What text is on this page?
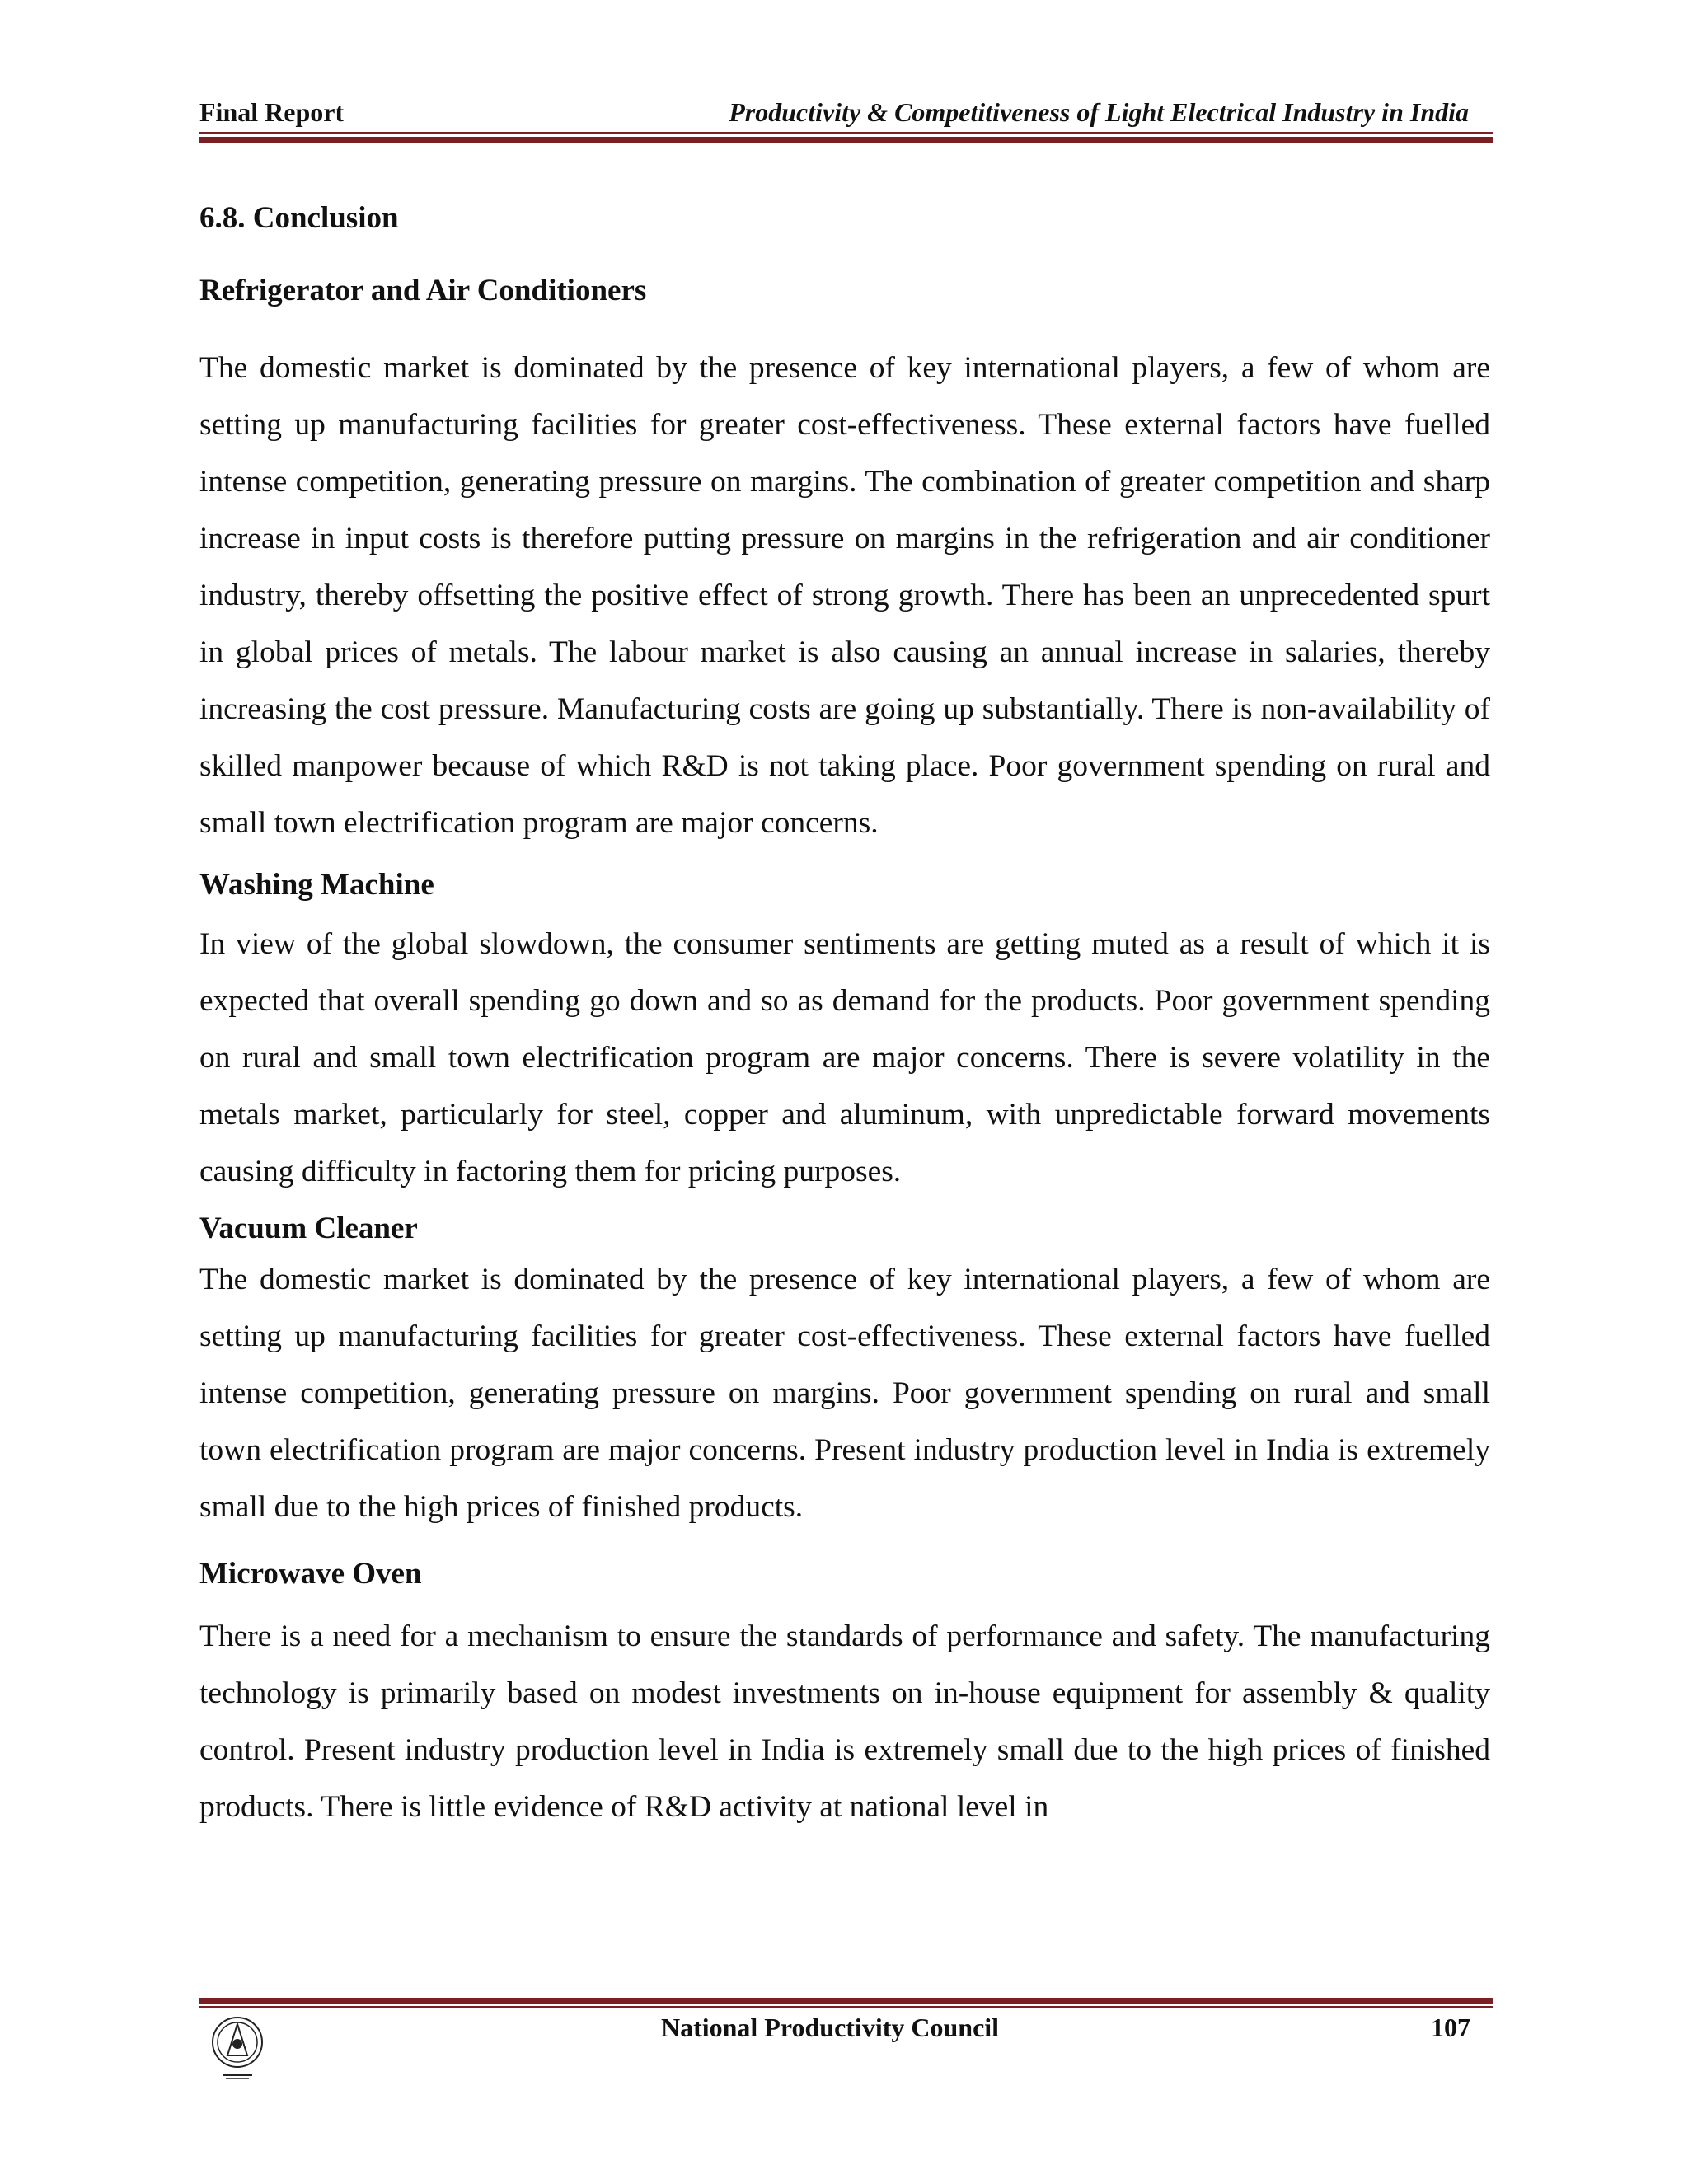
Final Report	Productivity & Competitiveness of Light Electrical Industry in India
6.8. Conclusion
Refrigerator and Air Conditioners

The domestic market is dominated by the presence of key international players, a few of whom are setting up manufacturing facilities for greater cost-effectiveness. These external factors have fuelled intense competition, generating pressure on margins. The combination of greater competition and sharp increase in input costs is therefore putting pressure on margins in the refrigeration and air conditioner industry, thereby offsetting the positive effect of strong growth. There has been an unprecedented spurt in global prices of metals. The labour market is also causing an annual increase in salaries, thereby increasing the cost pressure. Manufacturing costs are going up substantially. There is non-availability of skilled manpower because of which R&D is not taking place. Poor government spending on rural and small town electrification program are major concerns.

Washing Machine

In view of the global slowdown, the consumer sentiments are getting muted as a result of which it is expected that overall spending go down and so as demand for the products. Poor government spending on rural and small town electrification program are major concerns. There is severe volatility in the metals market, particularly for steel, copper and aluminum, with unpredictable forward movements causing difficulty in factoring them for pricing purposes.

Vacuum Cleaner

The domestic market is dominated by the presence of key international players, a few of whom are setting up manufacturing facilities for greater cost-effectiveness. These external factors have fuelled intense competition, generating pressure on margins. Poor government spending on rural and small town electrification program are major concerns. Present industry production level in India is extremely small due to the high prices of finished products.

Microwave Oven

There is a need for a mechanism to ensure the standards of performance and safety. The manufacturing technology is primarily based on modest investments on in-house equipment for assembly & quality control. Present industry production level in India is extremely small due to the high prices of finished products. There is little evidence of R&D activity at national level in

National Productivity Council	107
